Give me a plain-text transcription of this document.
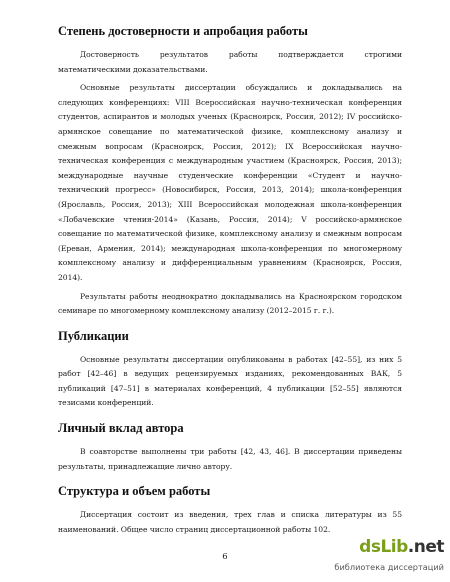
Степень достоверности и апробация работы

Достоверность результатов работы подтверждается строгими математическими доказательствами.

Основные результаты диссертации обсуждались и докладывались на следующих конференциях: VIII Всероссийская научно-техническая конференция студентов, аспирантов и молодых ученых (Красноярск, Россия, 2012); IV российско-армянское совещание по математической физике, комплексному анализу и смежным вопросам (Красноярск, Россия, 2012); IX Всероссийская научно-техническая конференция с международным участием (Красноярск, Россия, 2013); международные научные студенческие конференции «Студент и научно-технический прогресс» (Новосибирск, Россия, 2013, 2014); школа-конференция (Ярославль, Россия, 2013); XIII Всероссийская молодежная школа-конференция «Лобачевские чтения-2014» (Казань, Россия, 2014); V российско-армянское совещание по математической физике, комплексному анализу и смежным вопросам (Ереван, Армения, 2014); международная школа-конференция по многомерному комплексному анализу и дифференциальным уравнениям (Красноярск, Россия, 2014).

Результаты работы неоднократно докладывались на Красноярском городском семинаре по многомерному комплексному анализу (2012–2015 г. г.).

Публикации

Основные результаты диссертации опубликованы в работах [42–55], из них 5 работ [42–46] в ведущих рецензируемых изданиях, рекомендованных ВАК, 5 публикаций [47–51] в материалах конференций, 4 публикации [52–55] являются тезисами конференций.

Личный вклад автора

В соавторстве выполнены три работы [42, 43, 46]. В диссертации приведены результаты, принадлежащие лично автору.

Структура и объем работы

Диссертация состоит из введения, трех глав и списка литературы из 55 наименований. Общее число страниц диссертационной работы 102.

6	dsLib.net
библиотека диссертаций
